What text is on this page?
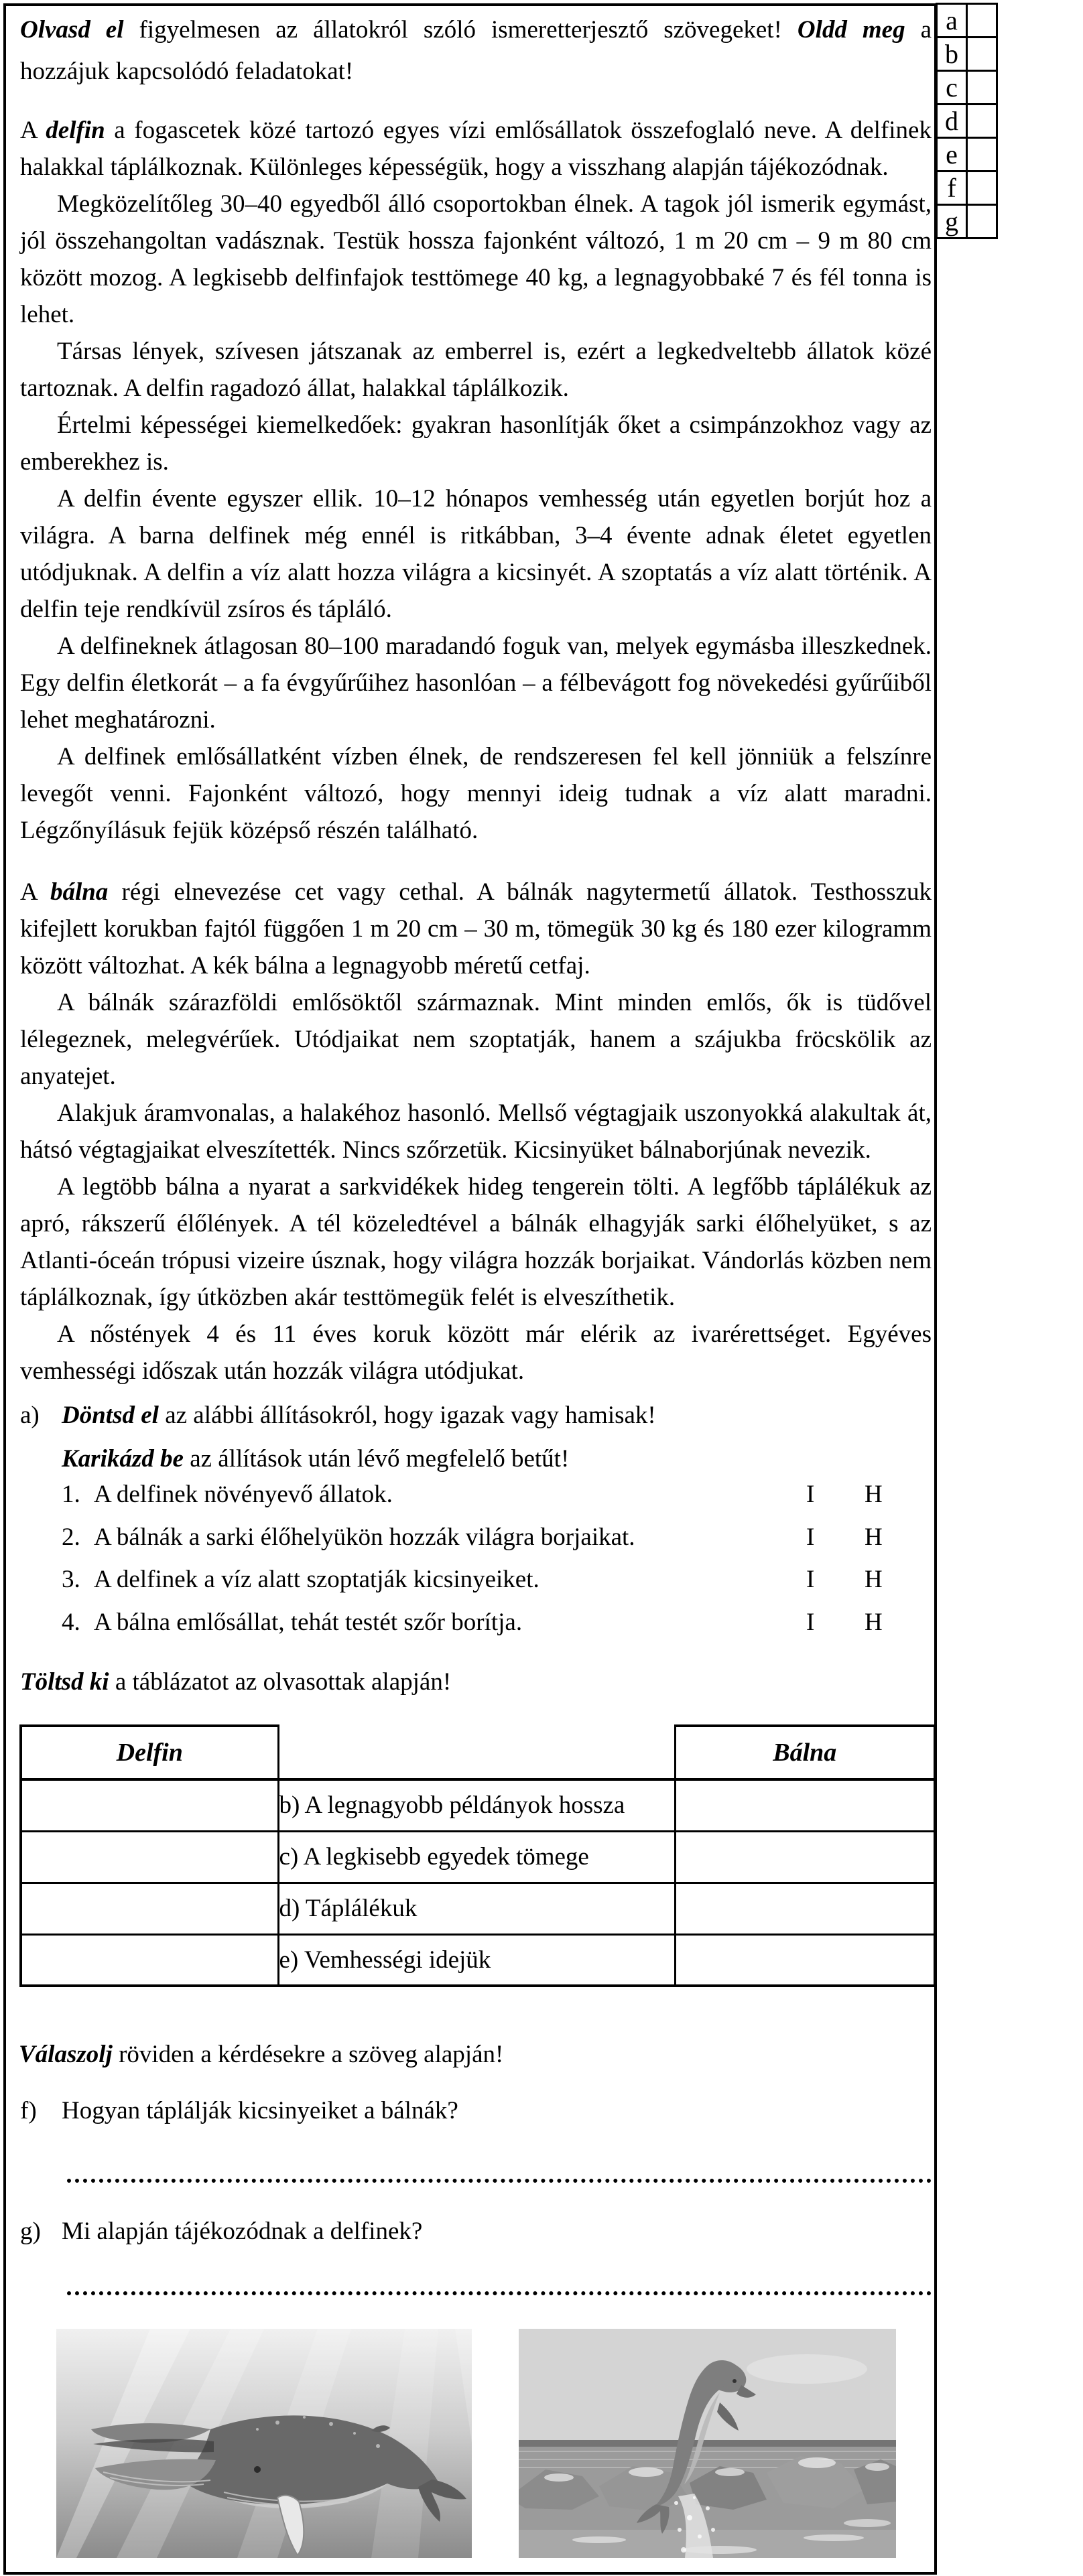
Olvasd el figyelmesen az állatokról szóló ismeretterjesztő szövegeket! Oldd meg a hozzájuk kapcsolódó feladatokat!
a	
b	
c	
d	
e	
f	
g	

A delfin a fogascetek közé tartozó egyes vízi emlősállatok összefoglaló neve. A delfinek halakkal táplálkoznak. Különleges képességük, hogy a visszhang alapján tájékozódnak.

Megközelítőleg 30–40 egyedből álló csoportokban élnek. A tagok jól ismerik egymást, jól összehangoltan vadásznak. Testük hossza fajonként változó, 1 m 20 cm – 9 m 80 cm között mozog. A legkisebb delfinfajok testtömege 40 kg, a legnagyobbaké 7 és fél tonna is lehet.

Társas lények, szívesen játszanak az emberrel is, ezért a legkedveltebb állatok közé tartoznak. A delfin ragadozó állat, halakkal táplálkozik.

Értelmi képességei kiemelkedőek: gyakran hasonlítják őket a csimpánzokhoz vagy az emberekhez is.

A delfin évente egyszer ellik. 10–12 hónapos vemhesség után egyetlen borjút hoz a világra. A barna delfinek még ennél is ritkábban, 3–4 évente adnak életet egyetlen utódjuknak. A delfin a víz alatt hozza világra a kicsinyét. A szoptatás a víz alatt történik. A delfin teje rendkívül zsíros és tápláló.

A delfineknek átlagosan 80–100 maradandó foguk van, melyek egymásba illeszkednek. Egy delfin életkorát – a fa évgyűrűihez hasonlóan – a félbevágott fog növekedési gyűrűiből lehet meghatározni.

A delfinek emlősállatként vízben élnek, de rendszeresen fel kell jönniük a felszínre levegőt venni. Fajonként változó, hogy mennyi ideig tudnak a víz alatt maradni. Légzőnyílásuk fejük középső részén található.

A bálna régi elnevezése cet vagy cethal. A bálnák nagytermetű állatok. Testhosszuk kifejlett korukban fajtól függően 1 m 20 cm – 30 m, tömegük 30 kg és 180 ezer kilogramm között változhat. A kék bálna a legnagyobb méretű cetfaj.

A bálnák szárazföldi emlősöktől származnak. Mint minden emlős, ők is tüdővel lélegeznek, melegvérűek. Utódjaikat nem szoptatják, hanem a szájukba fröcskölik az anyatejet.

Alakjuk áramvonalas, a halakéhoz hasonló. Mellső végtagjaik uszonyokká alakultak át, hátsó végtagjaikat elveszítették. Nincs szőrzetük. Kicsinyüket bálnaborjúnak nevezik.

A legtöbb bálna a nyarat a sarkvidékek hideg tengerein tölti. A legfőbb táplálékuk az apró, rákszerű élőlények. A tél közeledtével a bálnák elhagyják sarki élőhelyüket, s az Atlanti-óceán trópusi vizeire úsznak, hogy világra hozzák borjaikat. Vándorlás közben nem táplálkoznak, így útközben akár testtömegük felét is elveszíthetik.

A nőstények 4 és 11 éves koruk között már elérik az ivarérettséget. Egyéves vemhességi időszak után hozzák világra utódjukat.

a) Döntsd el az alábbi állításokról, hogy igazak vagy hamisak!
Karikázd be az állítások után lévő megfelelő betűt!
1. A delfinek növényevő állatok.	I H
2. A bálnák a sarki élőhelyükön hozzák világra borjaikat.	I H
3. A delfinek a víz alatt szoptatják kicsinyeiket.	I H
4. A bálna emlősállat, tehát testét szőr borítja.	I H
Töltsd ki a táblázatot az olvasottak alapján!
Delfin		Bálna
	b) A legnagyobb példányok hossza	
	c) A legkisebb egyedek tömege	
	d) Táplálékuk	
	e) Vemhességi idejük	
Válaszolj röviden a kérdésekre a szöveg alapján!
f) Hogyan táplálják kicsinyeiket a bálnák?
g) Mi alapján tájékozódnak a delfinek?
